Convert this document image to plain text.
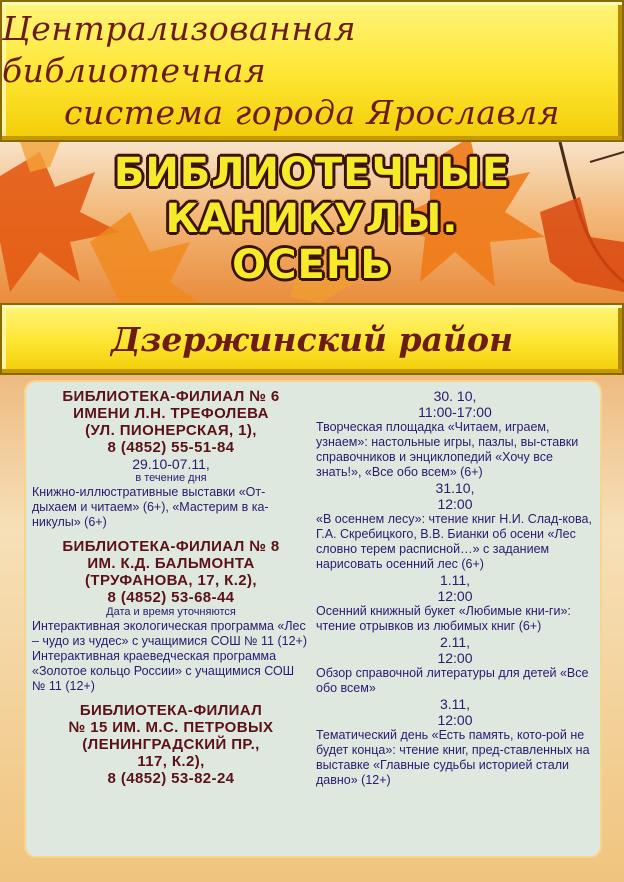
Централизованная библиотечная
система города Ярославля
БИБЛИОТЕЧНЫЕ
КАНИКУЛЫ.
ОСЕНЬ
Дзержинский район
БИБЛИОТЕКА-ФИЛИАЛ № 6
ИМЕНИ Л.Н. ТРЕФОЛЕВА
(УЛ. ПИОНЕРСКАЯ, 1),
8 (4852) 55-51-84
29.10-07.11,
в течение дня

Книжно-иллюстративные выставки «От-дыхаем и читаем» (6+), «Мастерим в ка-никулы» (6+)

БИБЛИОТЕКА-ФИЛИАЛ № 8
ИМ. К.Д. БАЛЬМОНТА
(ТРУФАНОВА, 17, К.2),
8 (4852) 53-68-44
Дата и время уточняются

Интерактивная экологическая программа «Лес – чудо из чудес» с учащимися СОШ № 11 (12+)

Интерактивная краеведческая программа «Золотое кольцо России» с учащимися СОШ № 11 (12+)

БИБЛИОТЕКА-ФИЛИАЛ
№ 15 ИМ. М.С. ПЕТРОВЫХ
(ЛЕНИНГРАДСКИЙ ПР.,
117, К.2),
8 (4852) 53-82-24
30. 10,
11:00-17:00

Творческая площадка «Читаем, играем, узнаем»: настольные игры, пазлы, вы-ставки справочников и энциклопедий «Хочу все знать!», «Все обо всем» (6+)

31.10,
12:00

«В осеннем лесу»: чтение книг Н.И. Слад-кова, Г.А. Скребицкого, В.В. Бианки об осени «Лес словно терем расписной…» с заданием нарисовать осенний лес (6+)

1.11,
12:00

Осенний книжный букет «Любимые кни-ги»: чтение отрывков из любимых книг (6+)

2.11,
12:00

Обзор справочной литературы для детей «Все обо всем»

3.11,
12:00

Тематический день «Есть память, кото-рой не будет конца»: чтение книг, пред-ставленных на выставке «Главные судьбы историей стали давно» (12+)
